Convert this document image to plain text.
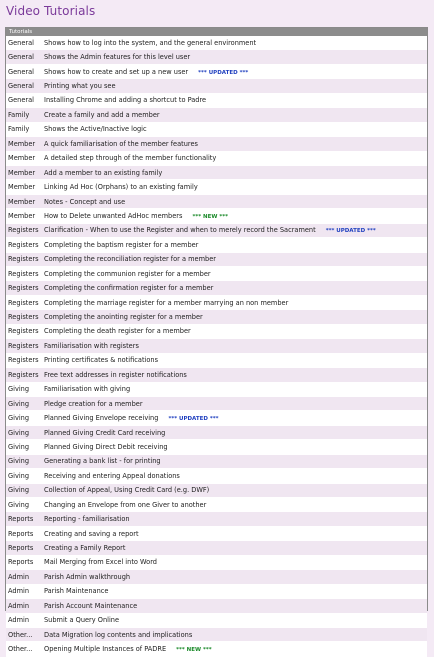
Video Tutorials
Tutorials
General	Shows how to log into the system, and the general environment
General	Shows the Admin features for this level user
General	Shows how to create and set up a new user *** UPDATED ***
General	Printing what you see
General	Installing Chrome and adding a shortcut to Padre
Family	Create a family and add a member
Family	Shows the Active/Inactive logic
Member	A quick familiarisation of the member features
Member	A detailed step through of the member functionality
Member	Add a member to an existing family
Member	Linking Ad Hoc (Orphans) to an existing family
Member	Notes - Concept and use
Member	How to Delete unwanted AdHoc members *** NEW ***
Registers	Clarification - When to use the Register and when to merely record the Sacrament *** UPDATED ***
Registers	Completing the baptism register for a member
Registers	Completing the reconciliation register for a member
Registers	Completing the communion register for a member
Registers	Completing the confirmation register for a member
Registers	Completing the marriage register for a member marrying an non member
Registers	Completing the anointing register for a member
Registers	Completing the death register for a member
Registers	Familiarisation with registers
Registers	Printing certificates & notifications
Registers	Free text addresses in register notifications
Giving	Familiarisation with giving
Giving	Pledge creation for a member
Giving	Planned Giving Envelope receiving *** UPDATED ***
Giving	Planned Giving Credit Card receiving
Giving	Planned Giving Direct Debit receiving
Giving	Generating a bank list - for printing
Giving	Receiving and entering Appeal donations
Giving	Collection of Appeal, Using Credit Card (e.g. DWF)
Giving	Changing an Envelope from one Giver to another
Reports	Reporting - familiarisation
Reports	Creating and saving a report
Reports	Creating a Family Report
Reports	Mail Merging from Excel into Word
Admin	Parish Admin walkthrough
Admin	Parish Maintenance
Admin	Parish Account Maintenance
Admin	Submit a Query Online
Other...	Data Migration log contents and implications
Other...	Opening Multiple Instances of PADRE *** NEW ***
